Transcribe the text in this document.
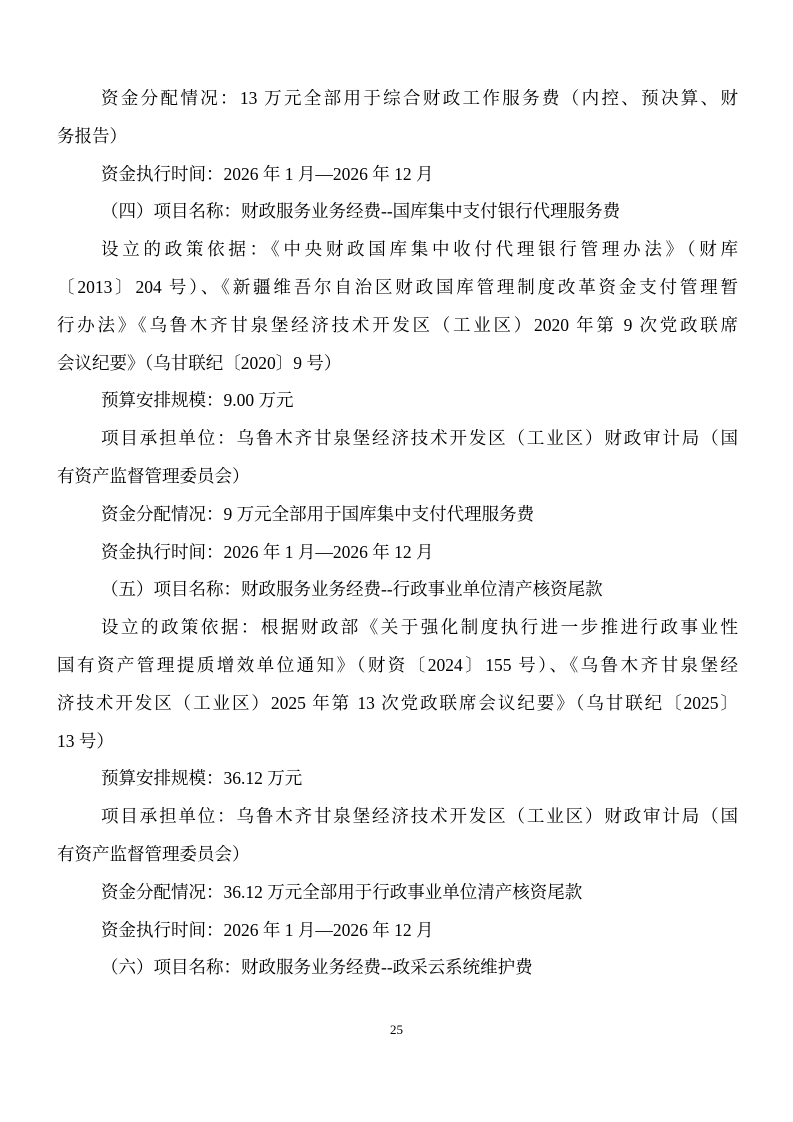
资金分配情况：13 万元全部用于综合财政工作服务费（内控、预决算、财
务报告）
资金执行时间：2026 年 1 月—2026 年 12 月
（四）项目名称：财政服务业务经费--国库集中支付银行代理服务费
设立的政策依据：《中央财政国库集中收付代理银行管理办法》（财库
〔2013〕204 号）、《新疆维吾尔自治区财政国库管理制度改革资金支付管理暂
行办法》《乌鲁木齐甘泉堡经济技术开发区（工业区）2020 年第 9 次党政联席
会议纪要》（乌甘联纪〔2020〕9 号）
预算安排规模：9.00 万元
项目承担单位：乌鲁木齐甘泉堡经济技术开发区（工业区）财政审计局（国
有资产监督管理委员会）
资金分配情况：9 万元全部用于国库集中支付代理服务费
资金执行时间：2026 年 1 月—2026 年 12 月
（五）项目名称：财政服务业务经费--行政事业单位清产核资尾款
设立的政策依据：根据财政部《关于强化制度执行进一步推进行政事业性
国有资产管理提质增效单位通知》（财资〔2024〕155 号）、《乌鲁木齐甘泉堡经
济技术开发区（工业区）2025 年第 13 次党政联席会议纪要》（乌甘联纪〔2025〕
13 号）
预算安排规模：36.12 万元
项目承担单位：乌鲁木齐甘泉堡经济技术开发区（工业区）财政审计局（国
有资产监督管理委员会）
资金分配情况：36.12 万元全部用于行政事业单位清产核资尾款
资金执行时间：2026 年 1 月—2026 年 12 月
（六）项目名称：财政服务业务经费--政采云系统维护费
25
